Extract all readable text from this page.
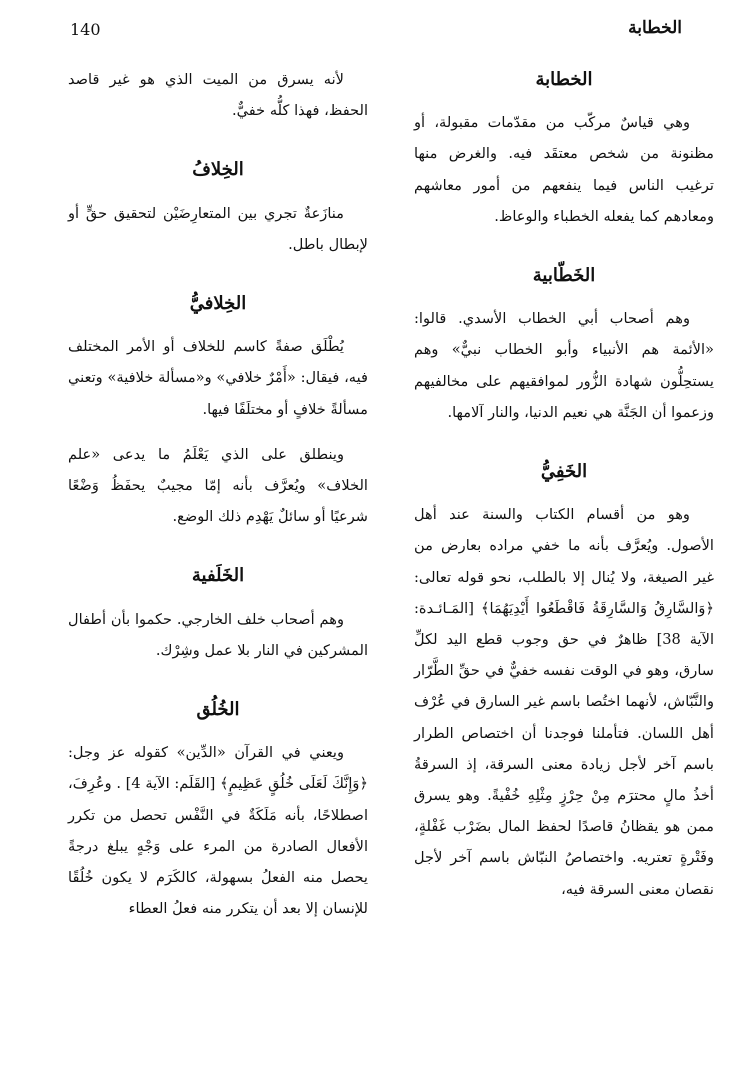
الخطابة
140
الخطابة

وهي قياسٌ مركّب من مقدّمات مقبولة، أو مظنونة من شخص معتقَد فيه. والغرض منها ترغيب الناس فيما ينفعهم من أمور معاشهم ومعادهم كما يفعله الخطباء والوعاظ.

الخَطّابية

وهم أصحاب أبي الخطاب الأسدي. قالوا: «الأئمة هم الأنبياء وأبو الخطاب نبيٌّ» وهم يستحِلُّون شهادة الزُّور لموافقيهم على مخالفيهم وزعموا أن الجَنَّة هي نعيم الدنيا، والنار آلامها.

الخَفِيُّ

وهو من أقسام الكتاب والسنة عند أهل الأصول. ويُعرَّف بأنه ما خفي مراده بعارض من غير الصيغة، ولا يُنال إلا بالطلب، نحو قوله تعالى: ﴿وَالسَّارِقُ وَالسَّارِقَةُ فَاقْطَعُوا أَيْدِيَهُمَا﴾ [المَـائـدة: الآية 38] ظاهرٌ في حق وجوب قطع اليد لكلِّ سارق، وهو في الوقت نفسه خفيٌّ في حقِّ الطَّرّار والنَّبّاش، لأنهما اختُصا باسم غير السارق في عُرْف أهل اللسان. فتأملنا فوجدنا أن اختصاص الطرار باسم آخر لأجل زيادة معنى السرقة، إذ السرقةُ أخذُ مالٍ محترَم مِنْ حِرْزٍ مِثْلِهِ خُفْيةً. وهو يسرق ممن هو يقظانُ قاصدًا لحفظ المال بضَرْب غَفْلةٍ، وفَتْرةٍ تعتريه. واختصاصُ النبّاش باسم آخر لأجل نقصان معنى السرقة فيه،

لأنه يسرق من الميت الذي هو غير قاصد الحفظ، فهذا كلُّه خفيٌّ.

الخِلافُ

منازَعةٌ تجري بين المتعارِضَيْن لتحقيق حقٍّ أو لإبطال باطل.

الخِلافيُّ

يُطْلَق صفةً كاسم للخلاف أو الأمر المختلف فيه، فيقال: «أَمْرٌ خلافي» و«مسألة خلافية» وتعني مسألةً خلافٍ أو مختلَفًا فيها.

وينطلق على الذي يَعْلَمُ ما يدعى «علم الخلاف» ويُعرَّف بأنه إمّا مجيبٌ يحفَظُ وَضْعًا شرعيًا أو سائلٌ يَهْدِم ذلك الوضع.

الخَلَفية

وهم أصحاب خلف الخارجي. حكموا بأن أطفال المشركين في النار بلا عمل وشِرْك.

الخُلُق

ويعني في القرآن «الدِّين» كقوله عز وجل: ﴿وَإِنَّكَ لَعَلَى خُلُقٍ عَظِيمٍ﴾ [القَلَم: الآية 4] . وعُرِفَ، اصطلاحًا، بأنه مَلَكَةٌ في النَّفْس تحصل من تكرر الأفعال الصادرة من المرء على وَجْهٍ يبلغ درجةً يحصل منه الفعلُ بسهولة، كالكَرَم لا يكون خُلُقًا للإنسان إلا بعد أن يتكرر منه فعلُ العطاء
